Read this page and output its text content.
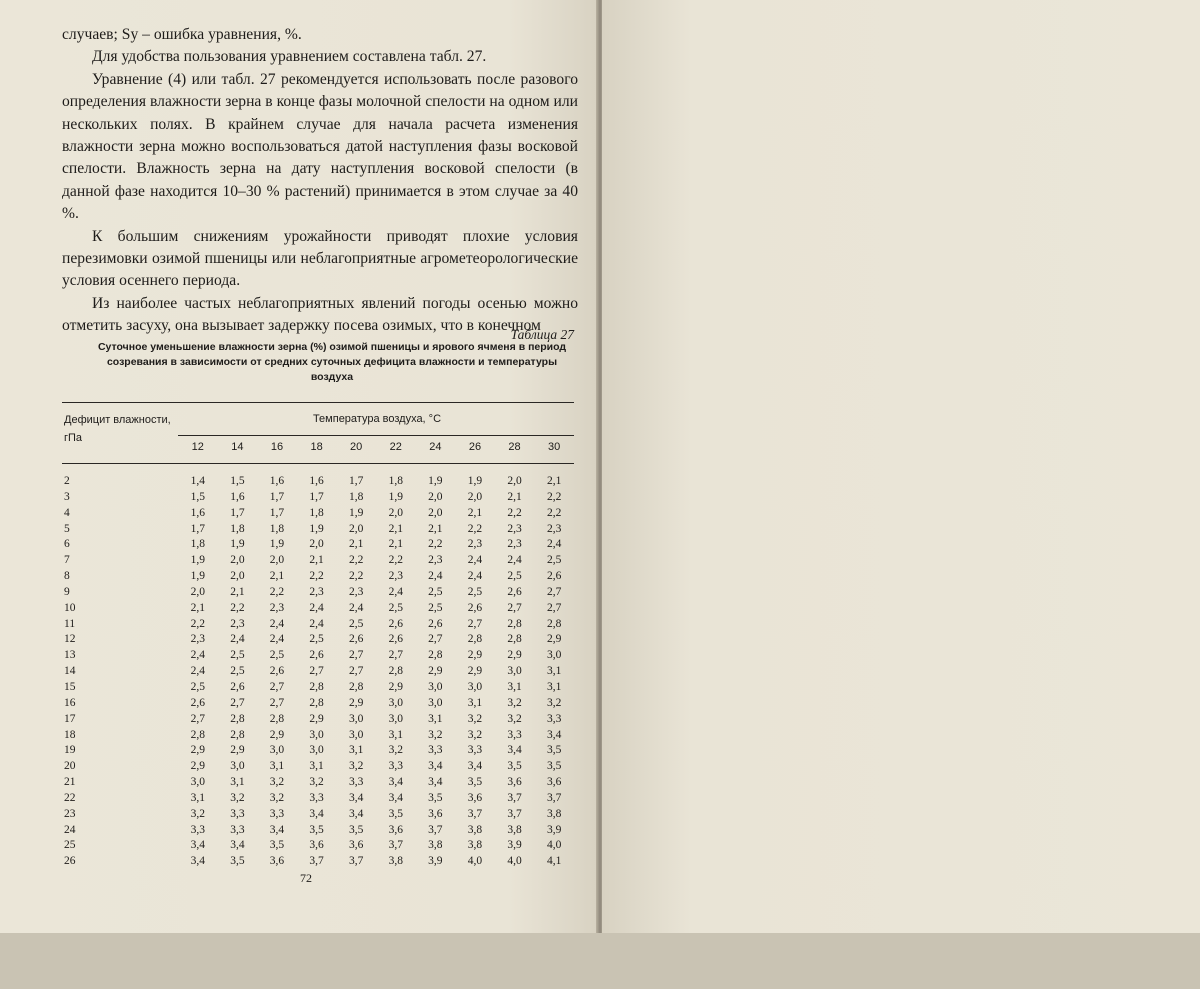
случаев; Sy – ошибка уравнения, %.

Для удобства пользования уравнением составлена табл. 27.

Уравнение (4) или табл. 27 рекомендуется использовать после разового определения влажности зерна в конце фазы молочной спелости на одном или нескольких полях. В крайнем случае для начала расчета изменения влажности зерна можно воспользоваться датой наступления фазы восковой спелости. Влажность зерна на дату наступления восковой спелости (в данной фазе находится 10–30 % растений) принимается в этом случае за 40 %.

К большим снижениям урожайности приводят плохие условия перезимовки озимой пшеницы или неблагоприятные агрометеорологические условия осеннего периода.

Из наиболее частых неблагоприятных явлений погоды осенью можно отметить засуху, она вызывает задержку посева озимых, что в конечном

Таблица 27
Суточное уменьшение влажности зерна (%) озимой пшеницы и ярового ячменя в период созревания в зависимости от средних суточных дефицита влажности и температуры воздуха
Дефицит влажности, гПа
Температура воздуха, °С
12	14	16	18	20	22	24	26	28	30
2	1,4	1,5	1,6	1,6	1,7	1,8	1,9	1,9	2,0	2,1
3	1,5	1,6	1,7	1,7	1,8	1,9	2,0	2,0	2,1	2,2
4	1,6	1,7	1,7	1,8	1,9	2,0	2,0	2,1	2,2	2,2
5	1,7	1,8	1,8	1,9	2,0	2,1	2,1	2,2	2,3	2,3
6	1,8	1,9	1,9	2,0	2,1	2,1	2,2	2,3	2,3	2,4
7	1,9	2,0	2,0	2,1	2,2	2,2	2,3	2,4	2,4	2,5
8	1,9	2,0	2,1	2,2	2,2	2,3	2,4	2,4	2,5	2,6
9	2,0	2,1	2,2	2,3	2,3	2,4	2,5	2,5	2,6	2,7
10	2,1	2,2	2,3	2,4	2,4	2,5	2,5	2,6	2,7	2,7
11	2,2	2,3	2,4	2,4	2,5	2,6	2,6	2,7	2,8	2,8
12	2,3	2,4	2,4	2,5	2,6	2,6	2,7	2,8	2,8	2,9
13	2,4	2,5	2,5	2,6	2,7	2,7	2,8	2,9	2,9	3,0
14	2,4	2,5	2,6	2,7	2,7	2,8	2,9	2,9	3,0	3,1
15	2,5	2,6	2,7	2,8	2,8	2,9	3,0	3,0	3,1	3,1
16	2,6	2,7	2,7	2,8	2,9	3,0	3,0	3,1	3,2	3,2
17	2,7	2,8	2,8	2,9	3,0	3,0	3,1	3,2	3,2	3,3
18	2,8	2,8	2,9	3,0	3,0	3,1	3,2	3,2	3,3	3,4
19	2,9	2,9	3,0	3,0	3,1	3,2	3,3	3,3	3,4	3,5
20	2,9	3,0	3,1	3,1	3,2	3,3	3,4	3,4	3,5	3,5
21	3,0	3,1	3,2	3,2	3,3	3,4	3,4	3,5	3,6	3,6
22	3,1	3,2	3,2	3,3	3,4	3,4	3,5	3,6	3,7	3,7
23	3,2	3,3	3,3	3,4	3,4	3,5	3,6	3,7	3,7	3,8
24	3,3	3,3	3,4	3,5	3,5	3,6	3,7	3,8	3,8	3,9
25	3,4	3,4	3,5	3,6	3,6	3,7	3,8	3,8	3,9	4,0
26	3,4	3,5	3,6	3,7	3,7	3,8	3,9	4,0	4,0	4,1
72
